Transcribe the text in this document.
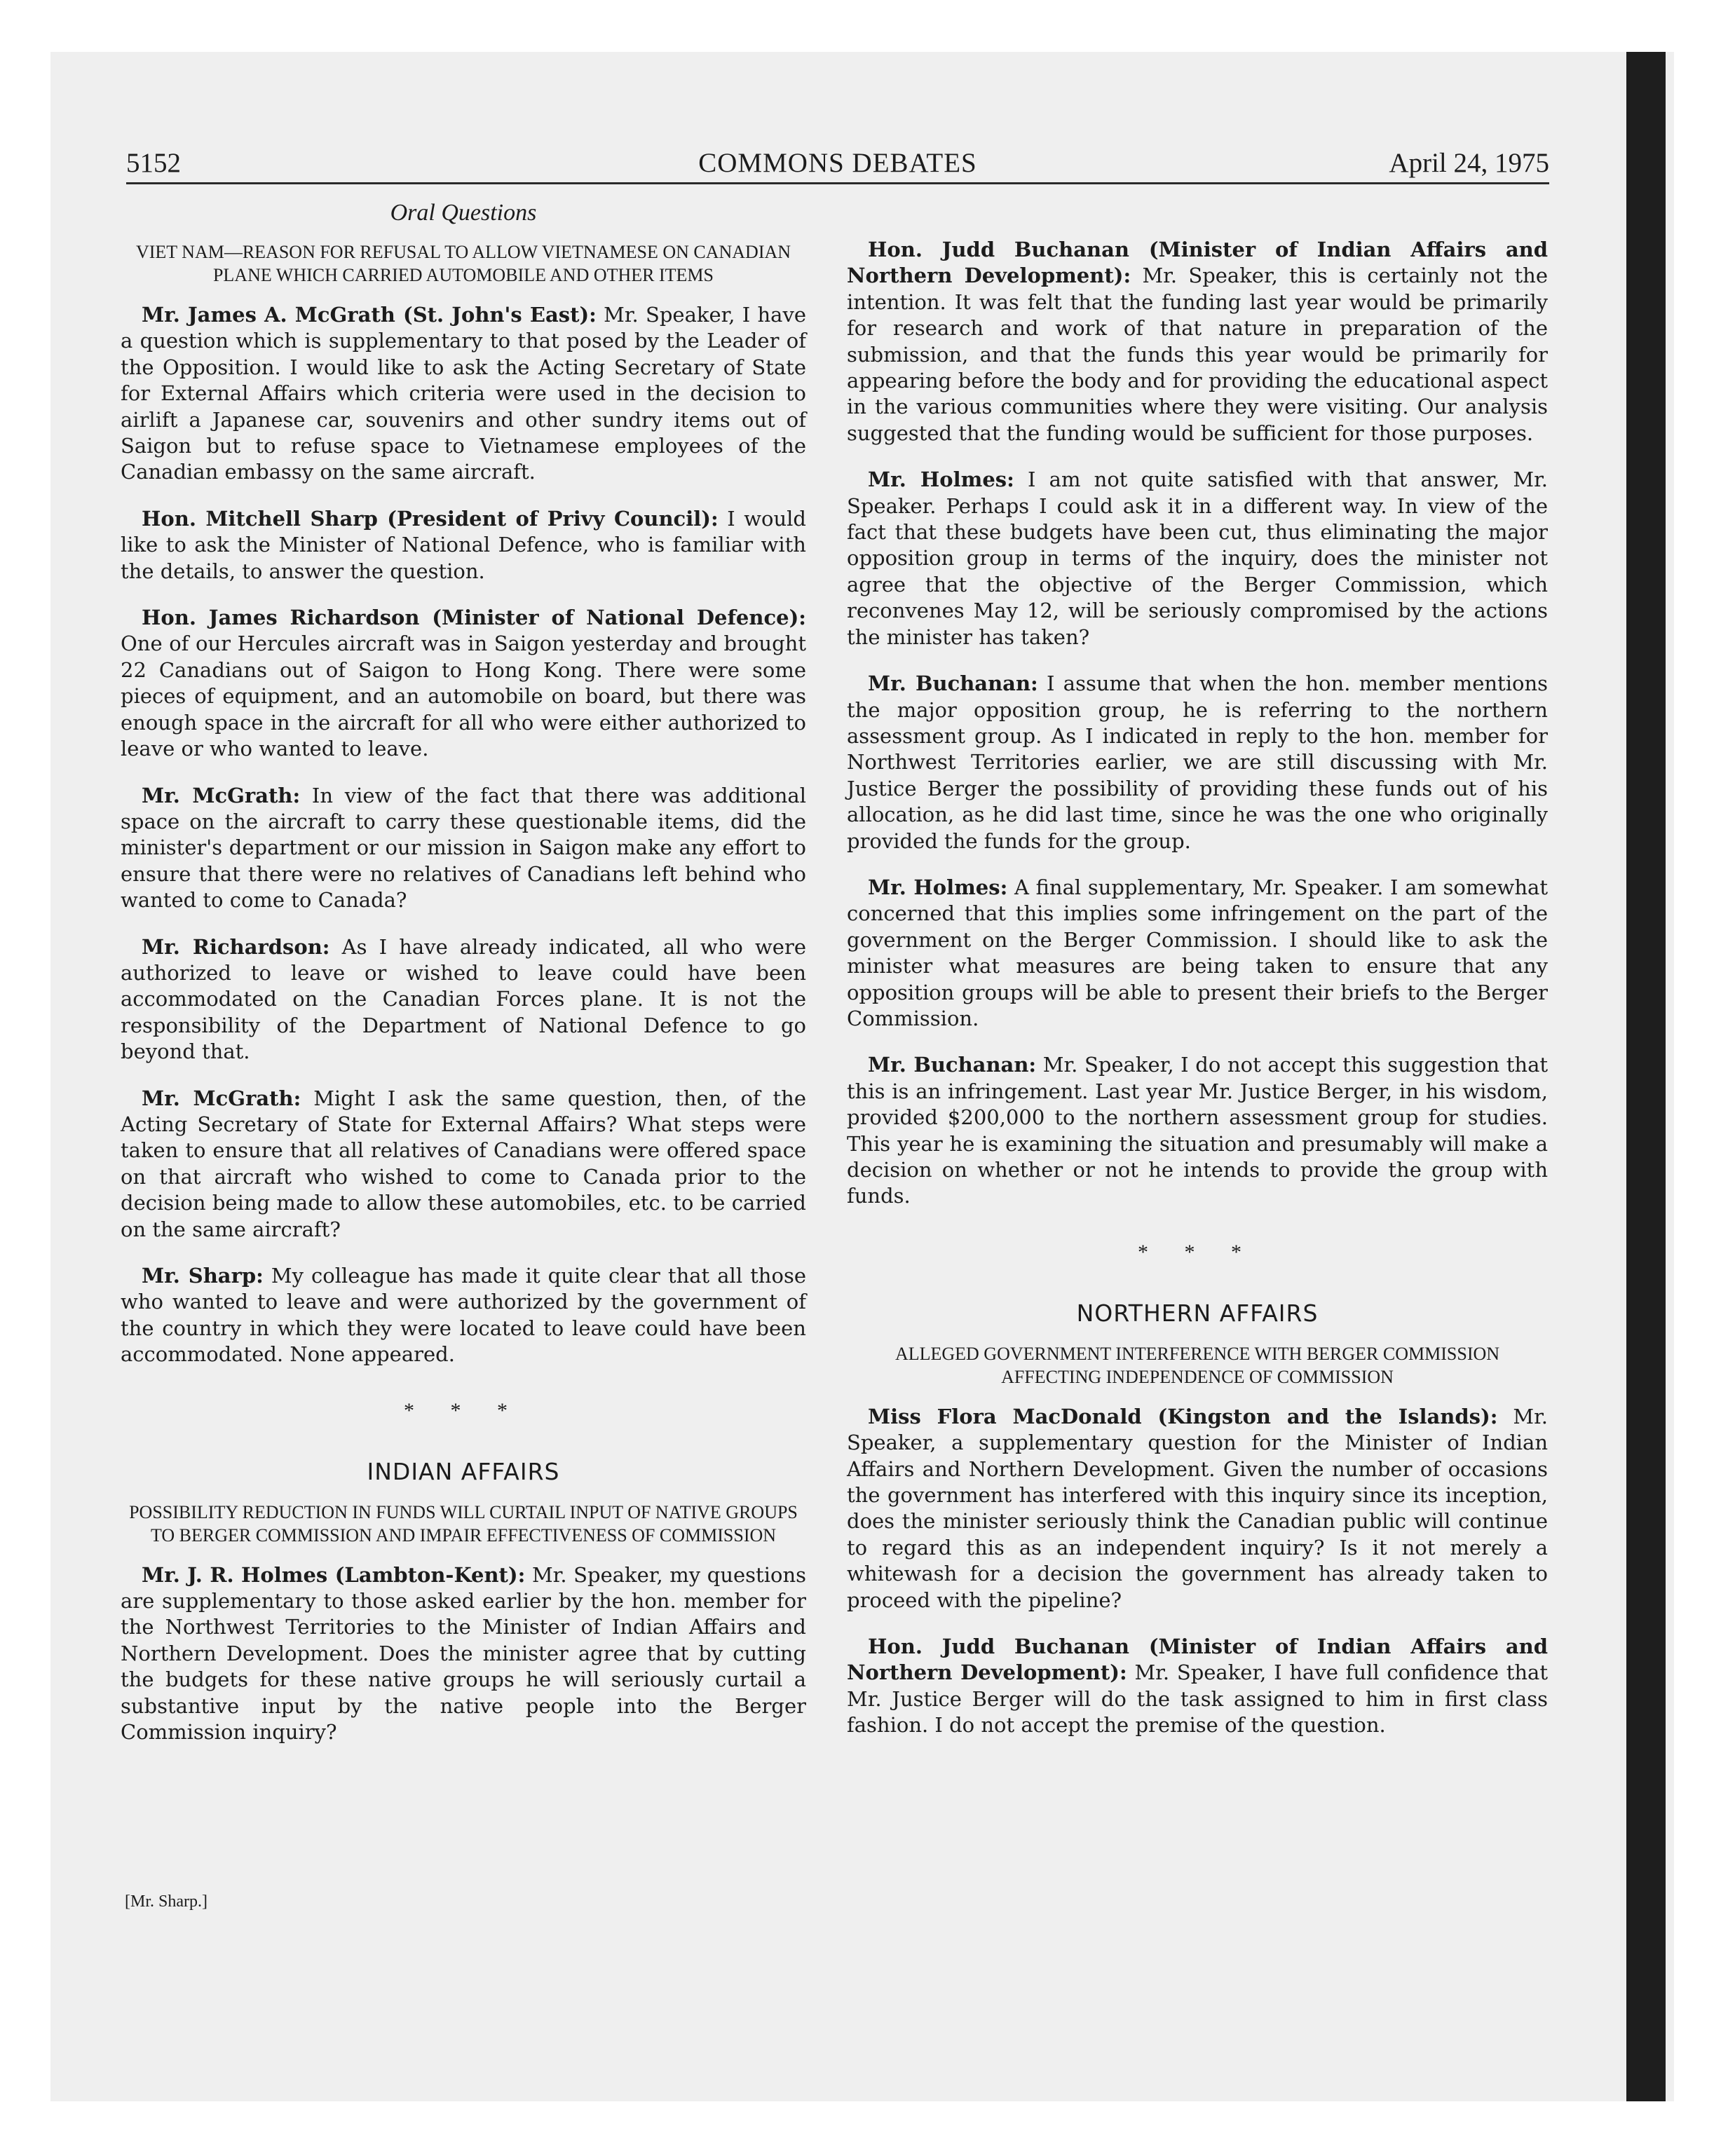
5152	COMMONS DEBATES	April 24, 1975
Oral Questions
VIET NAM—REASON FOR REFUSAL TO ALLOW VIETNAMESE ON CANADIAN PLANE WHICH CARRIED AUTOMOBILE AND OTHER ITEMS

Mr. James A. McGrath (St. John's East): Mr. Speaker, I have a question which is supplementary to that posed by the Leader of the Opposition. I would like to ask the Acting Secretary of State for External Affairs which criteria were used in the decision to airlift a Japanese car, souvenirs and other sundry items out of Saigon but to refuse space to Vietnamese employees of the Canadian embassy on the same aircraft.

Hon. Mitchell Sharp (President of Privy Council): I would like to ask the Minister of National Defence, who is familiar with the details, to answer the question.

Hon. James Richardson (Minister of National Defence): One of our Hercules aircraft was in Saigon yesterday and brought 22 Canadians out of Saigon to Hong Kong. There were some pieces of equipment, and an automobile on board, but there was enough space in the aircraft for all who were either authorized to leave or who wanted to leave.

Mr. McGrath: In view of the fact that there was additional space on the aircraft to carry these questionable items, did the minister's department or our mission in Saigon make any effort to ensure that there were no relatives of Canadians left behind who wanted to come to Canada?

Mr. Richardson: As I have already indicated, all who were authorized to leave or wished to leave could have been accommodated on the Canadian Forces plane. It is not the responsibility of the Department of National Defence to go beyond that.

Mr. McGrath: Might I ask the same question, then, of the Acting Secretary of State for External Affairs? What steps were taken to ensure that all relatives of Canadians were offered space on that aircraft who wished to come to Canada prior to the decision being made to allow these automobiles, etc. to be carried on the same aircraft?

Mr. Sharp: My colleague has made it quite clear that all those who wanted to leave and were authorized by the government of the country in which they were located to leave could have been accommodated. None appeared.

* * *
INDIAN AFFAIRS
POSSIBILITY REDUCTION IN FUNDS WILL CURTAIL INPUT OF NATIVE GROUPS TO BERGER COMMISSION AND IMPAIR EFFECTIVENESS OF COMMISSION

Mr. J. R. Holmes (Lambton-Kent): Mr. Speaker, my questions are supplementary to those asked earlier by the hon. member for the Northwest Territories to the Minister of Indian Affairs and Northern Development. Does the minister agree that by cutting the budgets for these native groups he will seriously curtail a substantive input by the native people into the Berger Commission inquiry?

[Mr. Sharp.]

Hon. Judd Buchanan (Minister of Indian Affairs and Northern Development): Mr. Speaker, this is certainly not the intention. It was felt that the funding last year would be primarily for research and work of that nature in preparation of the submission, and that the funds this year would be primarily for appearing before the body and for providing the educational aspect in the various communities where they were visiting. Our analysis suggested that the funding would be sufficient for those purposes.

Mr. Holmes: I am not quite satisfied with that answer, Mr. Speaker. Perhaps I could ask it in a different way. In view of the fact that these budgets have been cut, thus eliminating the major opposition group in terms of the inquiry, does the minister not agree that the objective of the Berger Commission, which reconvenes May 12, will be seriously compromised by the actions the minister has taken?

Mr. Buchanan: I assume that when the hon. member mentions the major opposition group, he is referring to the northern assessment group. As I indicated in reply to the hon. member for Northwest Territories earlier, we are still discussing with Mr. Justice Berger the possibility of providing these funds out of his allocation, as he did last time, since he was the one who originally provided the funds for the group.

Mr. Holmes: A final supplementary, Mr. Speaker. I am somewhat concerned that this implies some infringement on the part of the government on the Berger Commission. I should like to ask the minister what measures are being taken to ensure that any opposition groups will be able to present their briefs to the Berger Commission.

Mr. Buchanan: Mr. Speaker, I do not accept this suggestion that this is an infringement. Last year Mr. Justice Berger, in his wisdom, provided $200,000 to the northern assessment group for studies. This year he is examining the situation and presumably will make a decision on whether or not he intends to provide the group with funds.

* * *
NORTHERN AFFAIRS
ALLEGED GOVERNMENT INTERFERENCE WITH BERGER COMMISSION AFFECTING INDEPENDENCE OF COMMISSION

Miss Flora MacDonald (Kingston and the Islands): Mr. Speaker, a supplementary question for the Minister of Indian Affairs and Northern Development. Given the number of occasions the government has interfered with this inquiry since its inception, does the minister seriously think the Canadian public will continue to regard this as an independent inquiry? Is it not merely a whitewash for a decision the government has already taken to proceed with the pipeline?

Hon. Judd Buchanan (Minister of Indian Affairs and Northern Development): Mr. Speaker, I have full confidence that Mr. Justice Berger will do the task assigned to him in first class fashion. I do not accept the premise of the question.
